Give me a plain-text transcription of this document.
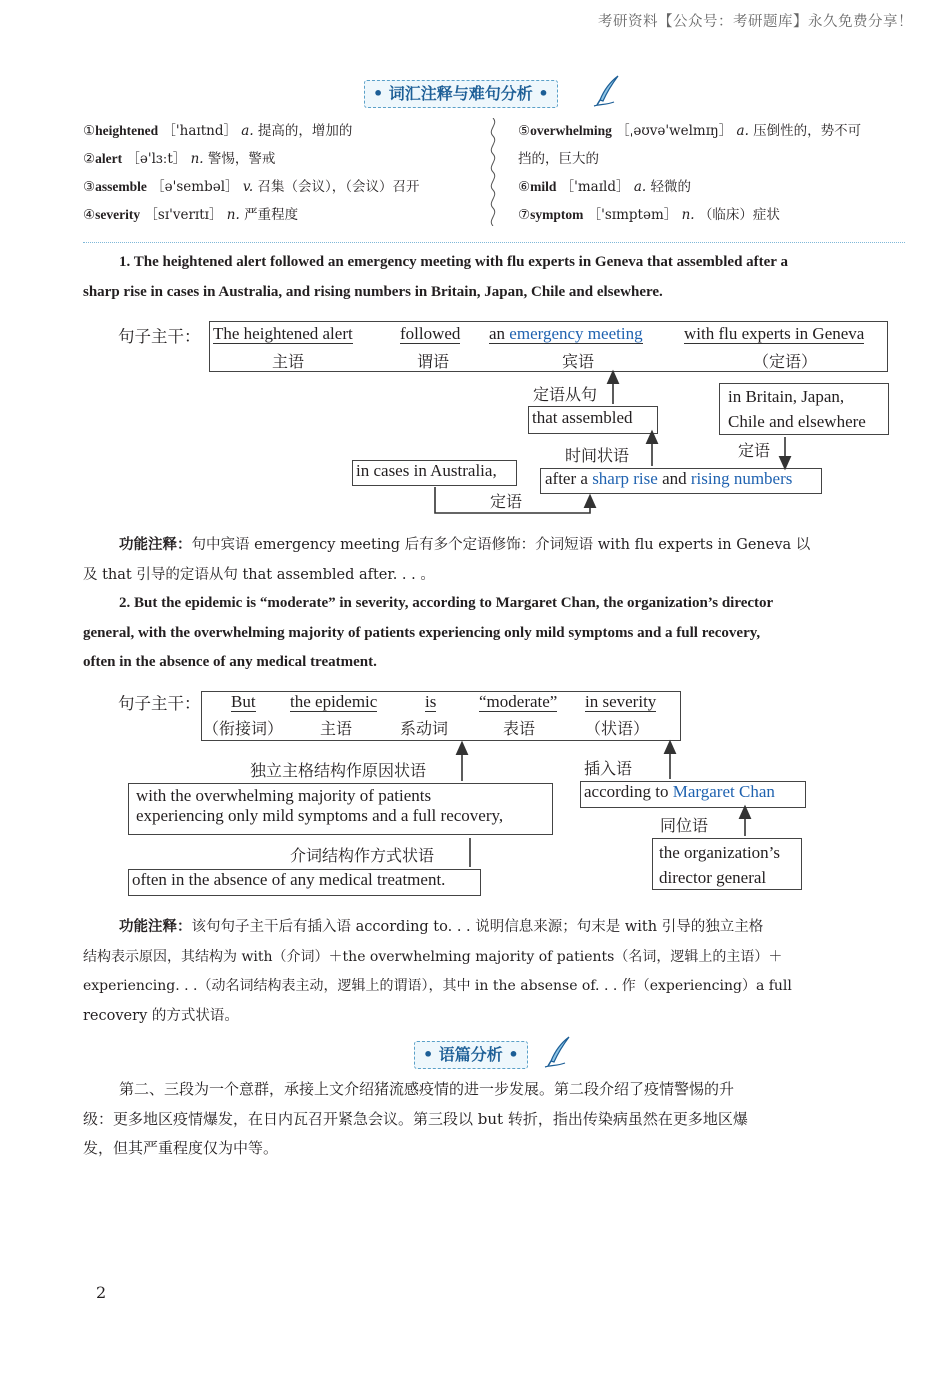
考研资料【公众号：考研题库】永久免费分享！
• 词汇注释与难句分析 •
①heightened ［'haɪtnd］ a. 提高的，增加的
②alert ［ə'lɜːt］ n. 警惕，警戒
③assemble ［ə'sembəl］ v. 召集（会议），（会议）召开
④severity ［sɪ'verɪtɪ］ n. 严重程度
⑤overwhelming ［ˌəʊvə'welmɪŋ］ a. 压倒性的，势不可
挡的，巨大的
⑥mild ［'maɪld］ a. 轻微的
⑦symptom ［'sɪmptəm］ n. （临床）症状
1. The heightened alert followed an emergency meeting with flu experts in Geneva that assembled after a
sharp rise in cases in Australia, and rising numbers in Britain, Japan, Chile and elsewhere.
句子主干： The heightened alert
主语
followed
谓语
an emergency meeting
宾语
with flu experts in Geneva
（定语）
定语从句
that assembled
in Britain, Japan,
Chile and elsewhere
定语
时间状语
after a sharp rise and rising numbers
in cases in Australia,
定语
功能注释：句中宾语 emergency meeting 后有多个定语修饰：介词短语 with flu experts in Geneva 以
及 that 引导的定语从句 that assembled after. . . 。
2. But the epidemic is “moderate” in severity, according to Margaret Chan, the organization’s director
general, with the overwhelming majority of patients experiencing only mild symptoms and a full recovery,
often in the absence of any medical treatment.
句子主干： But
（衔接词）
the epidemic
主语
is
系动词
“moderate”
表语
in severity
（状语）
独立主格结构作原因状语
with the overwhelming majority of patients
experiencing only mild symptoms and a full recovery,
插入语
according to Margaret Chan
同位语
the organization’s
director general
介词结构作方式状语
often in the absence of any medical treatment.
功能注释：该句句子主干后有插入语 according to. . . 说明信息来源；句末是 with 引导的独立主格
结构表示原因，其结构为 with（介词）＋the overwhelming majority of patients（名词，逻辑上的主语）＋
experiencing. . .（动名词结构表主动，逻辑上的谓语），其中 in the absense of. . . 作（experiencing）a full
recovery 的方式状语。
• 语篇分析 •
第二、三段为一个意群，承接上文介绍猪流感疫情的进一步发展。第二段介绍了疫情警惕的升
级：更多地区疫情爆发，在日内瓦召开紧急会议。第三段以 but 转折，指出传染病虽然在更多地区爆
发，但其严重程度仅为中等。
2
